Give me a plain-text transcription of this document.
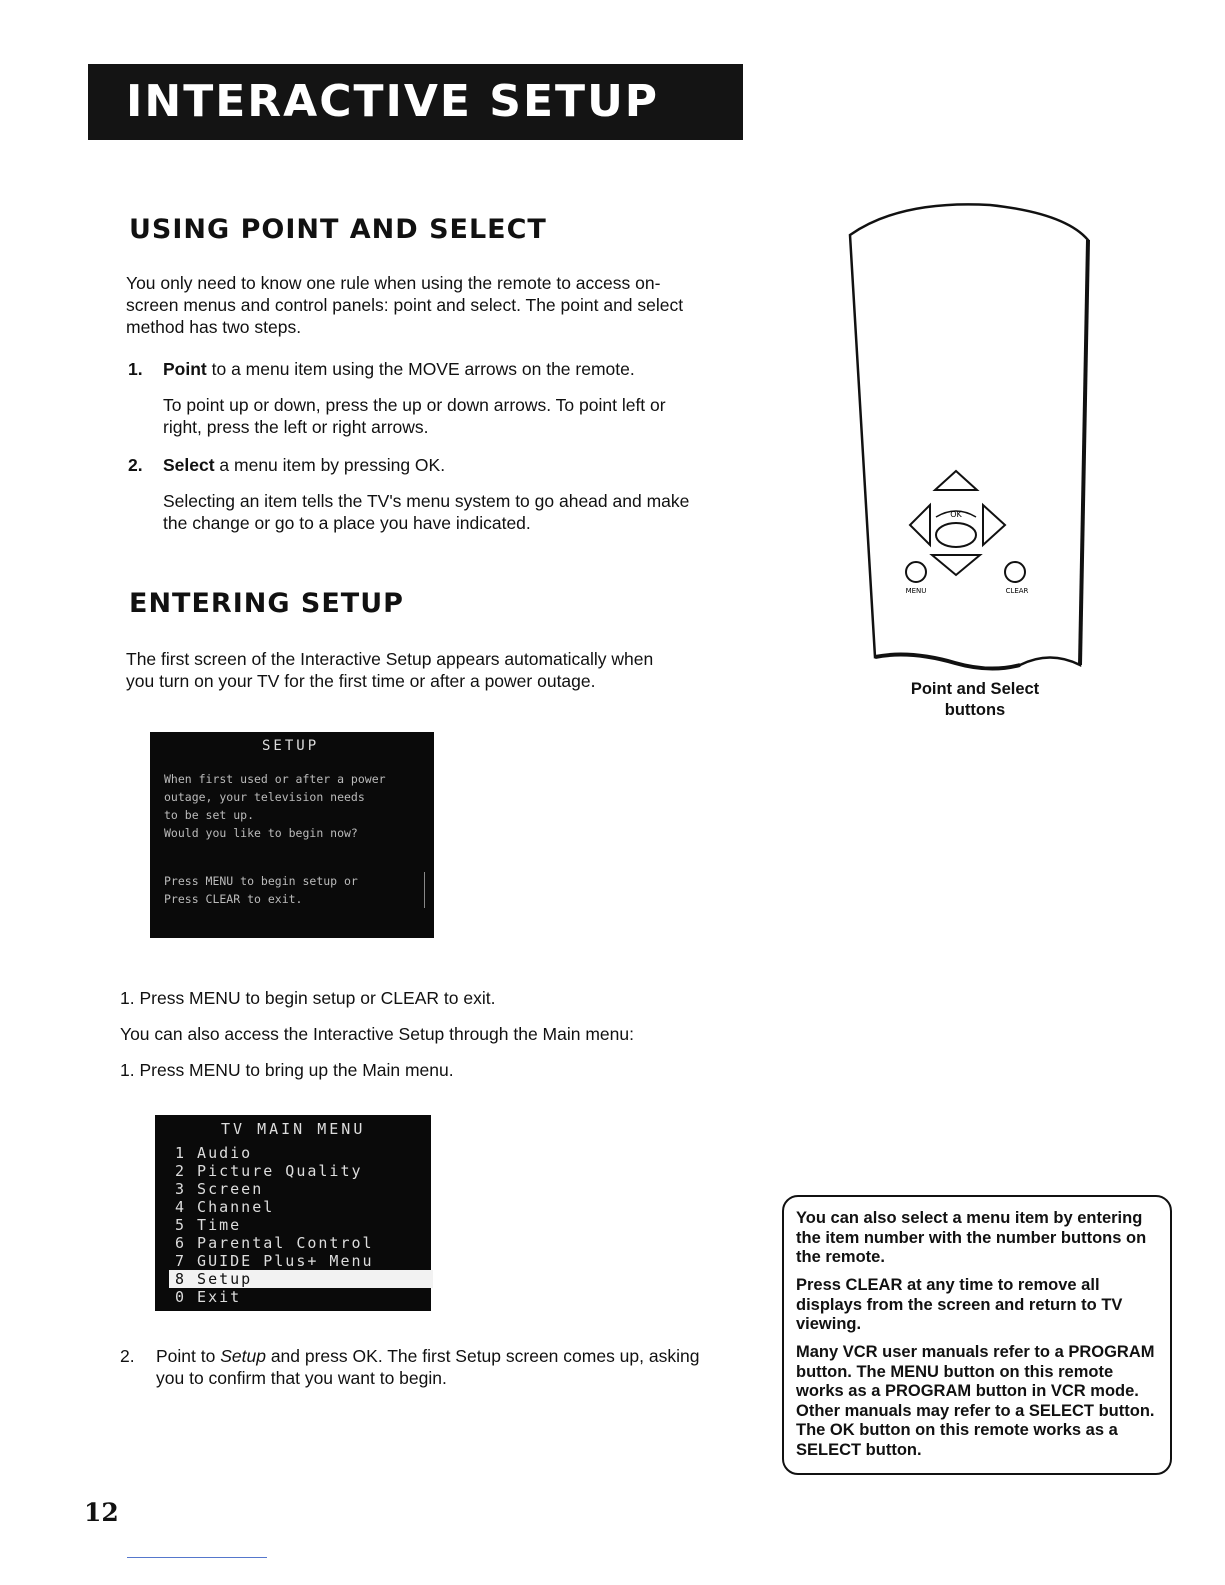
INTERACTIVE SETUP
USING POINT AND SELECT
You only need to know one rule when using the remote to access on-
screen menus and control panels: point and select. The point and select
method has two steps.
1. Point to a menu item using the MOVE arrows on the remote.
To point up or down, press the up or down arrows. To point left or
right, press the left or right arrows.
2. Select a menu item by pressing OK.
Selecting an item tells the TV's menu system to go ahead and make
the change or go to a place you have indicated.
ENTERING SETUP
The first screen of the Interactive Setup appears automatically when
you turn on your TV for the first time or after a power outage.
SETUP
When first used or after a power
outage, your television needs
to be set up.
Would you like to begin now?
Press MENU to begin setup or
Press CLEAR to exit.
1. Press MENU to begin setup or CLEAR to exit.
You can also access the Interactive Setup through the Main menu:
1. Press MENU to bring up the Main menu.
TV MAIN MENU
1 Audio
2 Picture Quality
3 Screen
4 Channel
5 Time
6 Parental Control
7 GUIDE Plus+ Menu
8 Setup
0 Exit
2. Point to Setup and press OK. The first Setup screen comes up, asking
you to confirm that you want to begin.
OK
MENU	CLEAR
Point and Select
buttons

You can also select a menu item by entering the item number with the number buttons on the remote.

Press CLEAR at any time to remove all displays from the screen and return to TV viewing.

Many VCR user manuals refer to a PROGRAM button. The MENU button on this remote works as a PROGRAM button in VCR mode. Other manuals may refer to a SELECT button. The OK button on this remote works as a SELECT button.

12
